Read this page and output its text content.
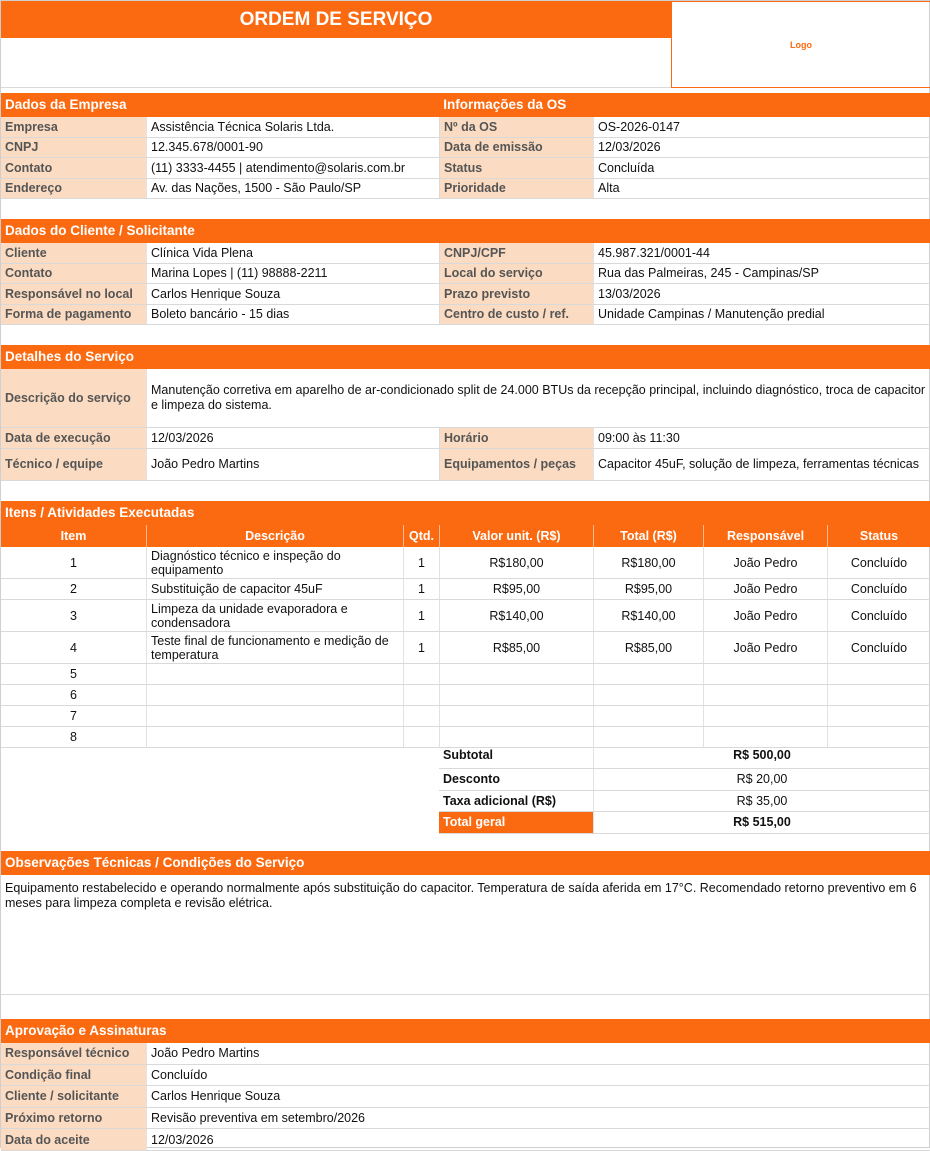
ORDEM DE SERVIÇO
Logo
Dados da Empresa	Informações da OS
Empresa	Assistência Técnica Solaris Ltda.	Nº da OS	OS-2026-0147
CNPJ	12.345.678/0001-90	Data de emissão	12/03/2026
Contato	(11) 3333-4455 | atendimento@solaris.com.br	Status	Concluída
Endereço	Av. das Nações, 1500 - São Paulo/SP	Prioridade	Alta
Dados do Cliente / Solicitante
Cliente	Clínica Vida Plena	CNPJ/CPF	45.987.321/0001-44
Contato	Marina Lopes | (11) 98888-2211	Local do serviço	Rua das Palmeiras, 245 - Campinas/SP
Responsável no local	Carlos Henrique Souza	Prazo previsto	13/03/2026
Forma de pagamento	Boleto bancário - 15 dias	Centro de custo / ref.	Unidade Campinas / Manutenção predial
Detalhes do Serviço
Descrição do serviço
Manutenção corretiva em aparelho de ar-condicionado split de 24.000 BTUs da recepção principal, incluindo diagnóstico, troca de capacitor e limpeza do sistema.
Data de execução	12/03/2026	Horário	09:00 às 11:30
Técnico / equipe	João Pedro Martins	Equipamentos / peças	Capacitor 45uF, solução de limpeza, ferramentas técnicas
Itens / Atividades Executadas
Item	Descrição	Qtd.	Valor unit. (R$)	Total (R$)	Responsável	Status
1	Diagnóstico técnico e inspeção do equipamento	1	R$180,00	R$180,00	João Pedro	Concluído
2	Substituição de capacitor 45uF	1	R$95,00	R$95,00	João Pedro	Concluído
3	Limpeza da unidade evaporadora e condensadora	1	R$140,00	R$140,00	João Pedro	Concluído
4	Teste final de funcionamento e medição de temperatura	1	R$85,00	R$85,00	João Pedro	Concluído
5
6
7
8
Subtotal	R$ 500,00
Desconto	R$ 20,00
Taxa adicional (R$)	R$ 35,00
Total geral	R$ 515,00
Observações Técnicas / Condições do Serviço
Equipamento restabelecido e operando normalmente após substituição do capacitor. Temperatura de saída aferida em 17°C. Recomendado retorno preventivo em 6 meses para limpeza completa e revisão elétrica.
Aprovação e Assinaturas
Responsável técnico	João Pedro Martins
Condição final	Concluído
Cliente / solicitante	Carlos Henrique Souza
Próximo retorno	Revisão preventiva em setembro/2026
Data do aceite	12/03/2026
